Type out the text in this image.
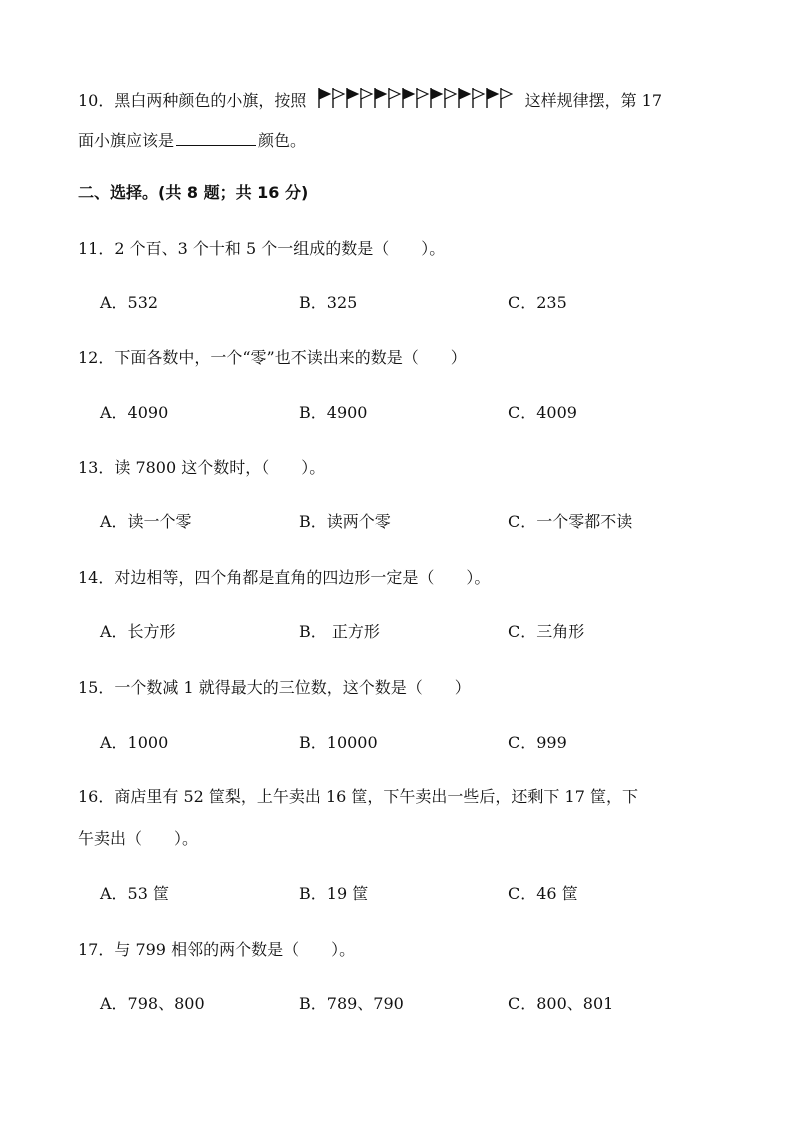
10．黑白两种颜色的小旗，按照	这样规律摆，第 17
面小旗应该是	颜色。
二、选择。(共 8 题；共 16 分)
11．2 个百、3 个十和 5 个一组成的数是（　　）。
A．532	B．325	C．235
12．下面各数中，一个“零”也不读出来的数是（　　）
A．4090	B．4900	C．4009
13．读 7800 这个数时，（　　）。
A．读一个零	B．读两个零	C．一个零都不读
14．对边相等，四个角都是直角的四边形一定是（　　）。
A．长方形	B． 正方形	C．三角形
15．一个数减 1 就得最大的三位数，这个数是（　　）
A．1000	B．10000	C．999
16．商店里有 52 筐梨，上午卖出 16 筐，下午卖出一些后，还剩下 17 筐，下
午卖出（　　）。
A．53 筐	B．19 筐	C．46 筐
17．与 799 相邻的两个数是（　　）。
A．798、800	B．789、790	C．800、801
